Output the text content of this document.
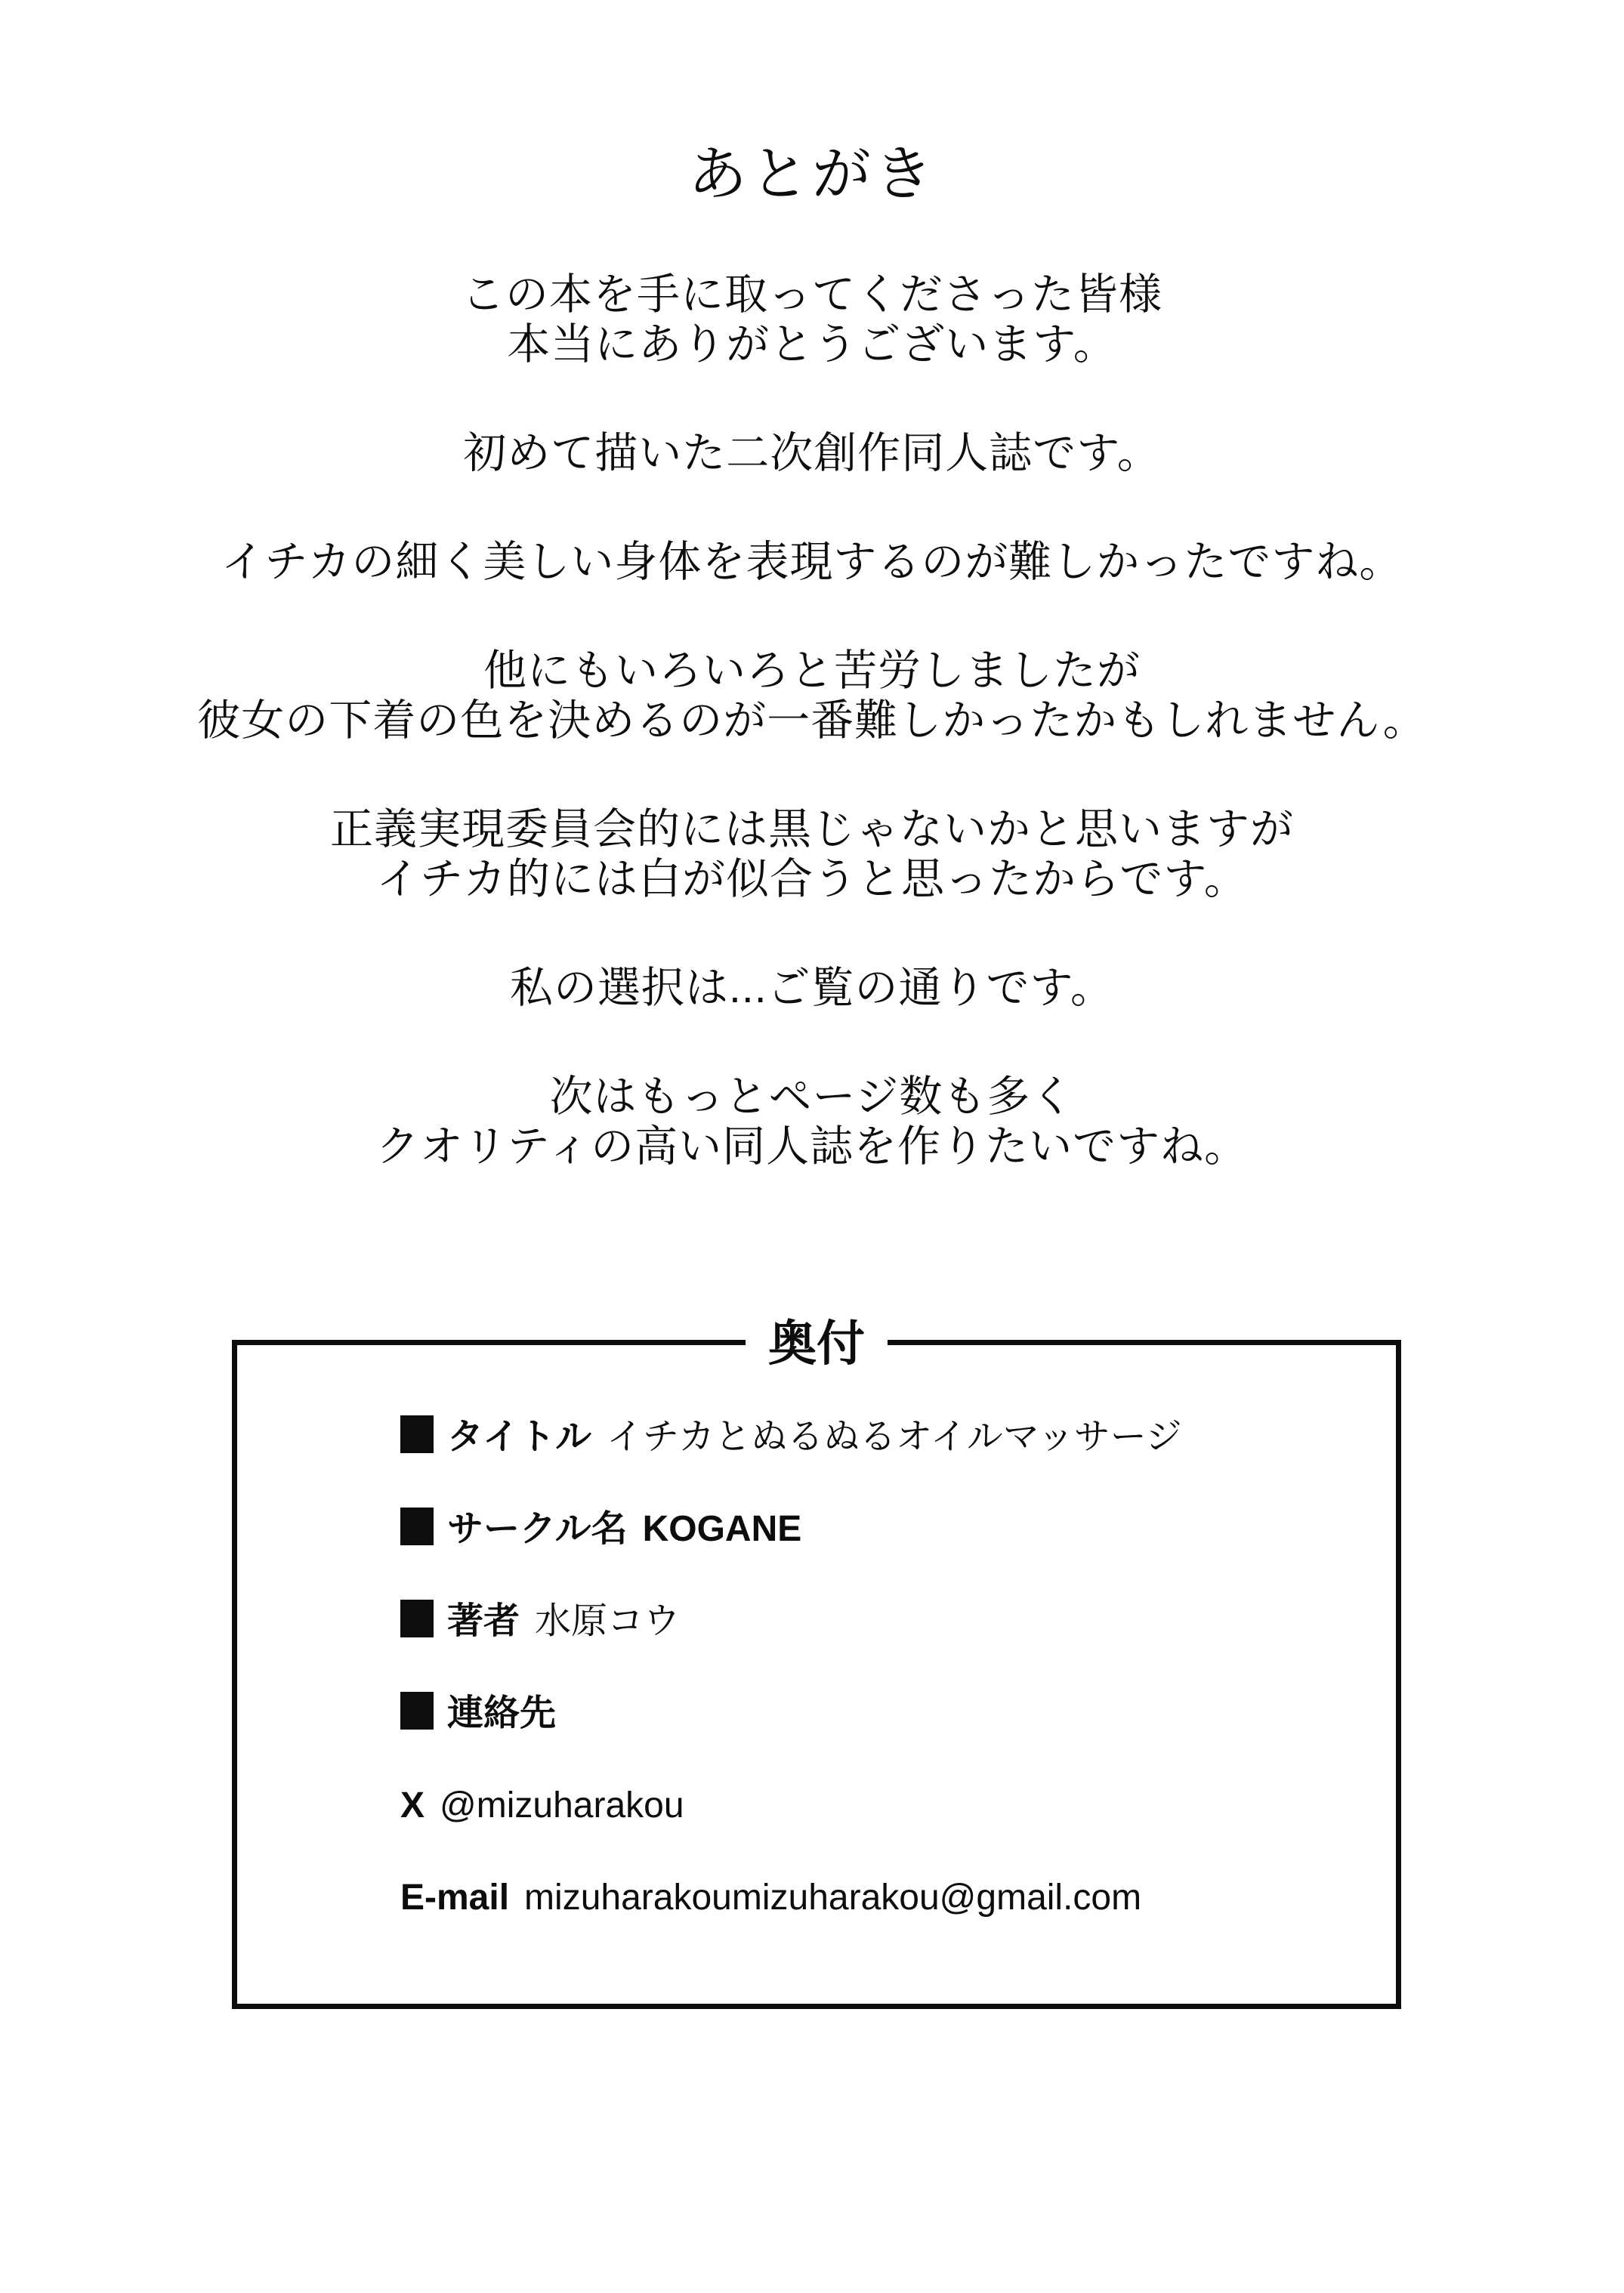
あとがき

この本を手に取ってくださった皆様
本当にありがとうございます。

初めて描いた二次創作同人誌です。

イチカの細く美しい身体を表現するのが難しかったですね。

他にもいろいろと苦労しましたが
彼女の下着の色を決めるのが一番難しかったかもしれません。

正義実現委員会的には黒じゃないかと思いますが
イチカ的には白が似合うと思ったからです。

私の選択は...ご覧の通りです。

次はもっとページ数も多く
クオリティの高い同人誌を作りたいですね。

奥付
タイトル イチカとぬるぬるオイルマッサージ
サークル名 KOGANE
著者 水原コウ
連絡先
X @mizuharakou
E-mail mizuharakoumizuharakou@gmail.com
